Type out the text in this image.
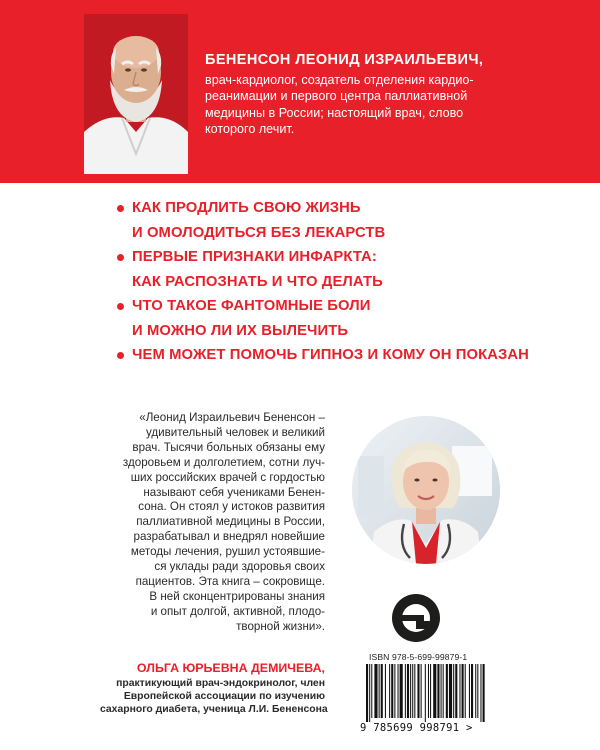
БЕНЕНСОН ЛЕОНИД ИЗРАИЛЬЕВИЧ,
врач-кардиолог, создатель отделения кардио-
реанимации и первого центра паллиативной
медицины в России; настоящий врач, слово
которого лечит.
КАК ПРОДЛИТЬ СВОЮ ЖИЗНЬ
И ОМОЛОДИТЬСЯ БЕЗ ЛЕКАРСТВ
ПЕРВЫЕ ПРИЗНАКИ ИНФАРКТА:
КАК РАСПОЗНАТЬ И ЧТО ДЕЛАТЬ
ЧТО ТАКОЕ ФАНТОМНЫЕ БОЛИ
И МОЖНО ЛИ ИХ ВЫЛЕЧИТЬ
ЧЕМ МОЖЕТ ПОМОЧЬ ГИПНОЗ И КОМУ ОН ПОКАЗАН
«Леонид Израильевич Бененсон –
удивительный человек и великий
врач. Тысячи больных обязаны ему
здоровьем и долголетием, сотни луч-
ших российских врачей с гордостью
называют себя учениками Бенен-
сона. Он стоял у истоков развития
паллиативной медицины в России,
разрабатывал и внедрял новейшие
методы лечения, рушил устоявшие-
ся уклады ради здоровья своих
пациентов. Эта книга – сокровище.
В ней сконцентрированы знания
и опыт долгой, активной, плодо-
творной жизни».
ОЛЬГА ЮРЬЕВНА ДЕМИЧЕВА,
практикующий врач-эндокринолог, член
Европейской ассоциации по изучению
сахарного диабета, ученица Л.И. Бененсона
ISBN 978-5-699-99879-1
9 785699 998791 >
